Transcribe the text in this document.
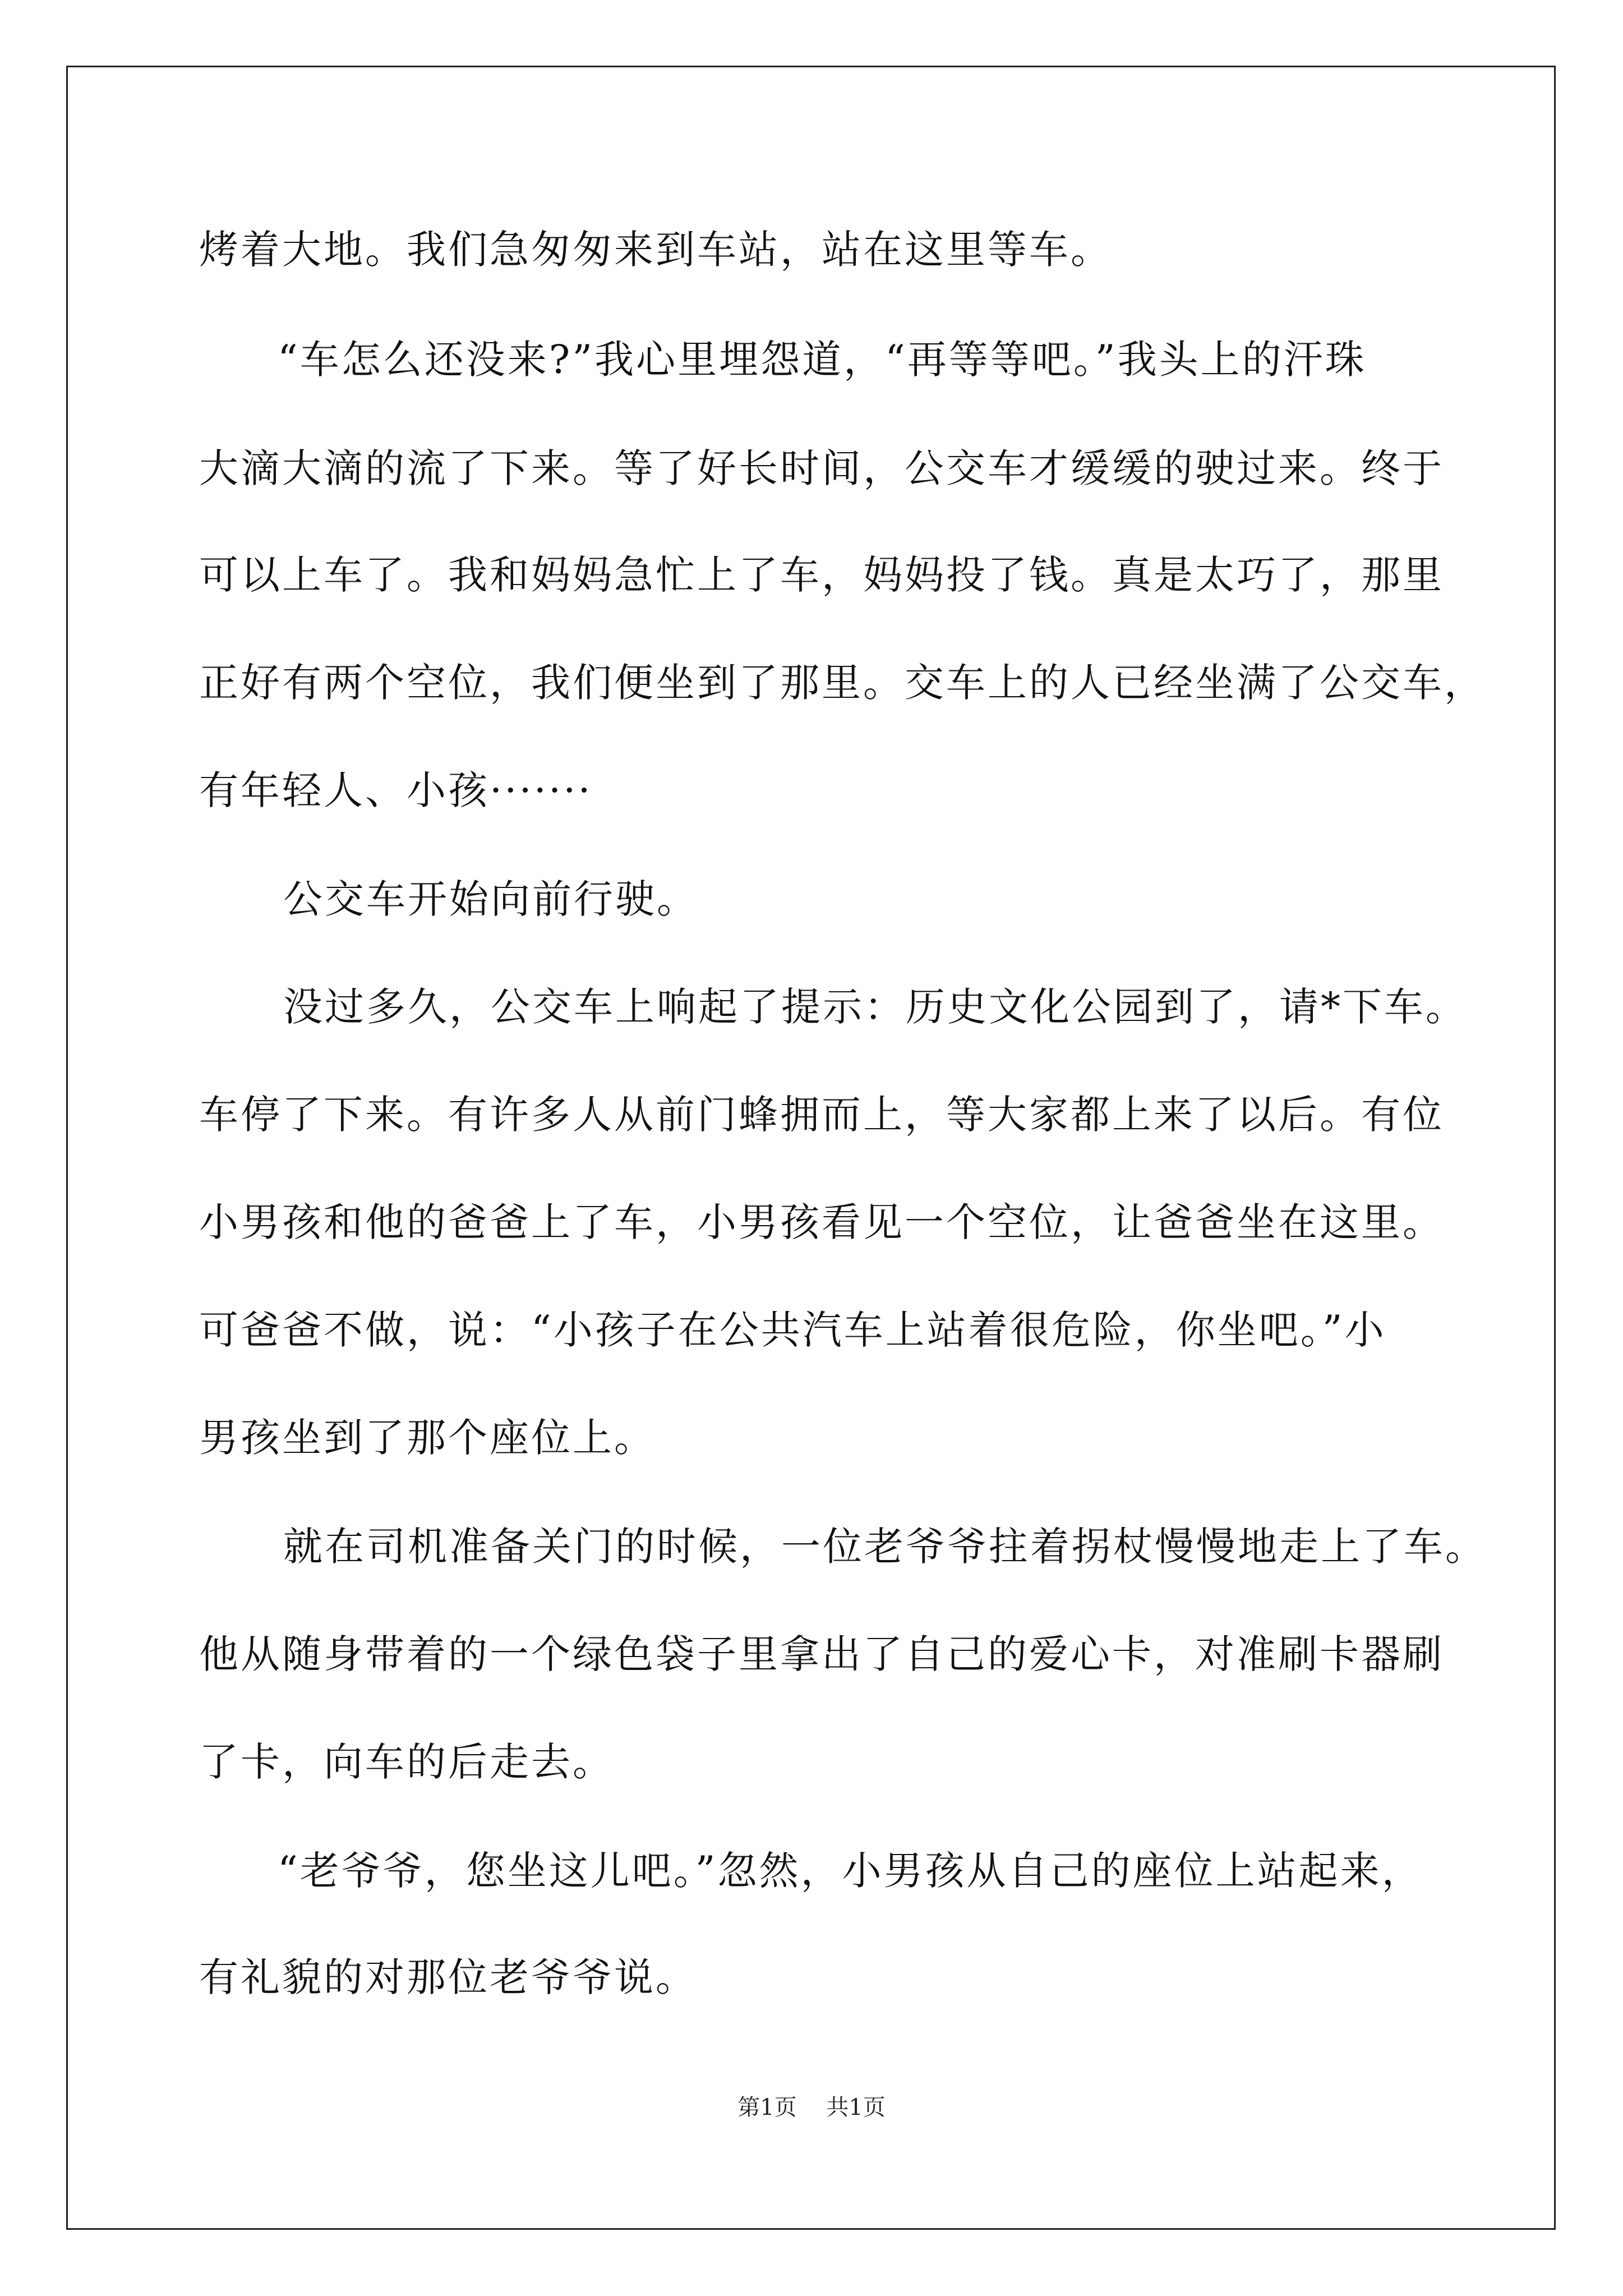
烤着大地。我们急匆匆来到车站，站在这里等车。
“车怎么还没来?”我心里埋怨道，“再等等吧。”我头上的汗珠
大滴大滴的流了下来。等了好长时间，公交车才缓缓的驶过来。终于
可以上车了。我和妈妈急忙上了车，妈妈投了钱。真是太巧了，那里
正好有两个空位，我们便坐到了那里。交车上的人已经坐满了公交车，
有年轻人、小孩·······
公交车开始向前行驶。
没过多久，公交车上响起了提示：历史文化公园到了，请*下车。
车停了下来。有许多人从前门蜂拥而上，等大家都上来了以后。有位
小男孩和他的爸爸上了车，小男孩看见一个空位，让爸爸坐在这里。
可爸爸不做，说：“小孩子在公共汽车上站着很危险，你坐吧。”小
男孩坐到了那个座位上。
就在司机准备关门的时候，一位老爷爷拄着拐杖慢慢地走上了车。
他从随身带着的一个绿色袋子里拿出了自己的爱心卡，对准刷卡器刷
了卡，向车的后走去。
“老爷爷，您坐这儿吧。”忽然，小男孩从自己的座位上站起来，
有礼貌的对那位老爷爷说。
第1页 共1页
